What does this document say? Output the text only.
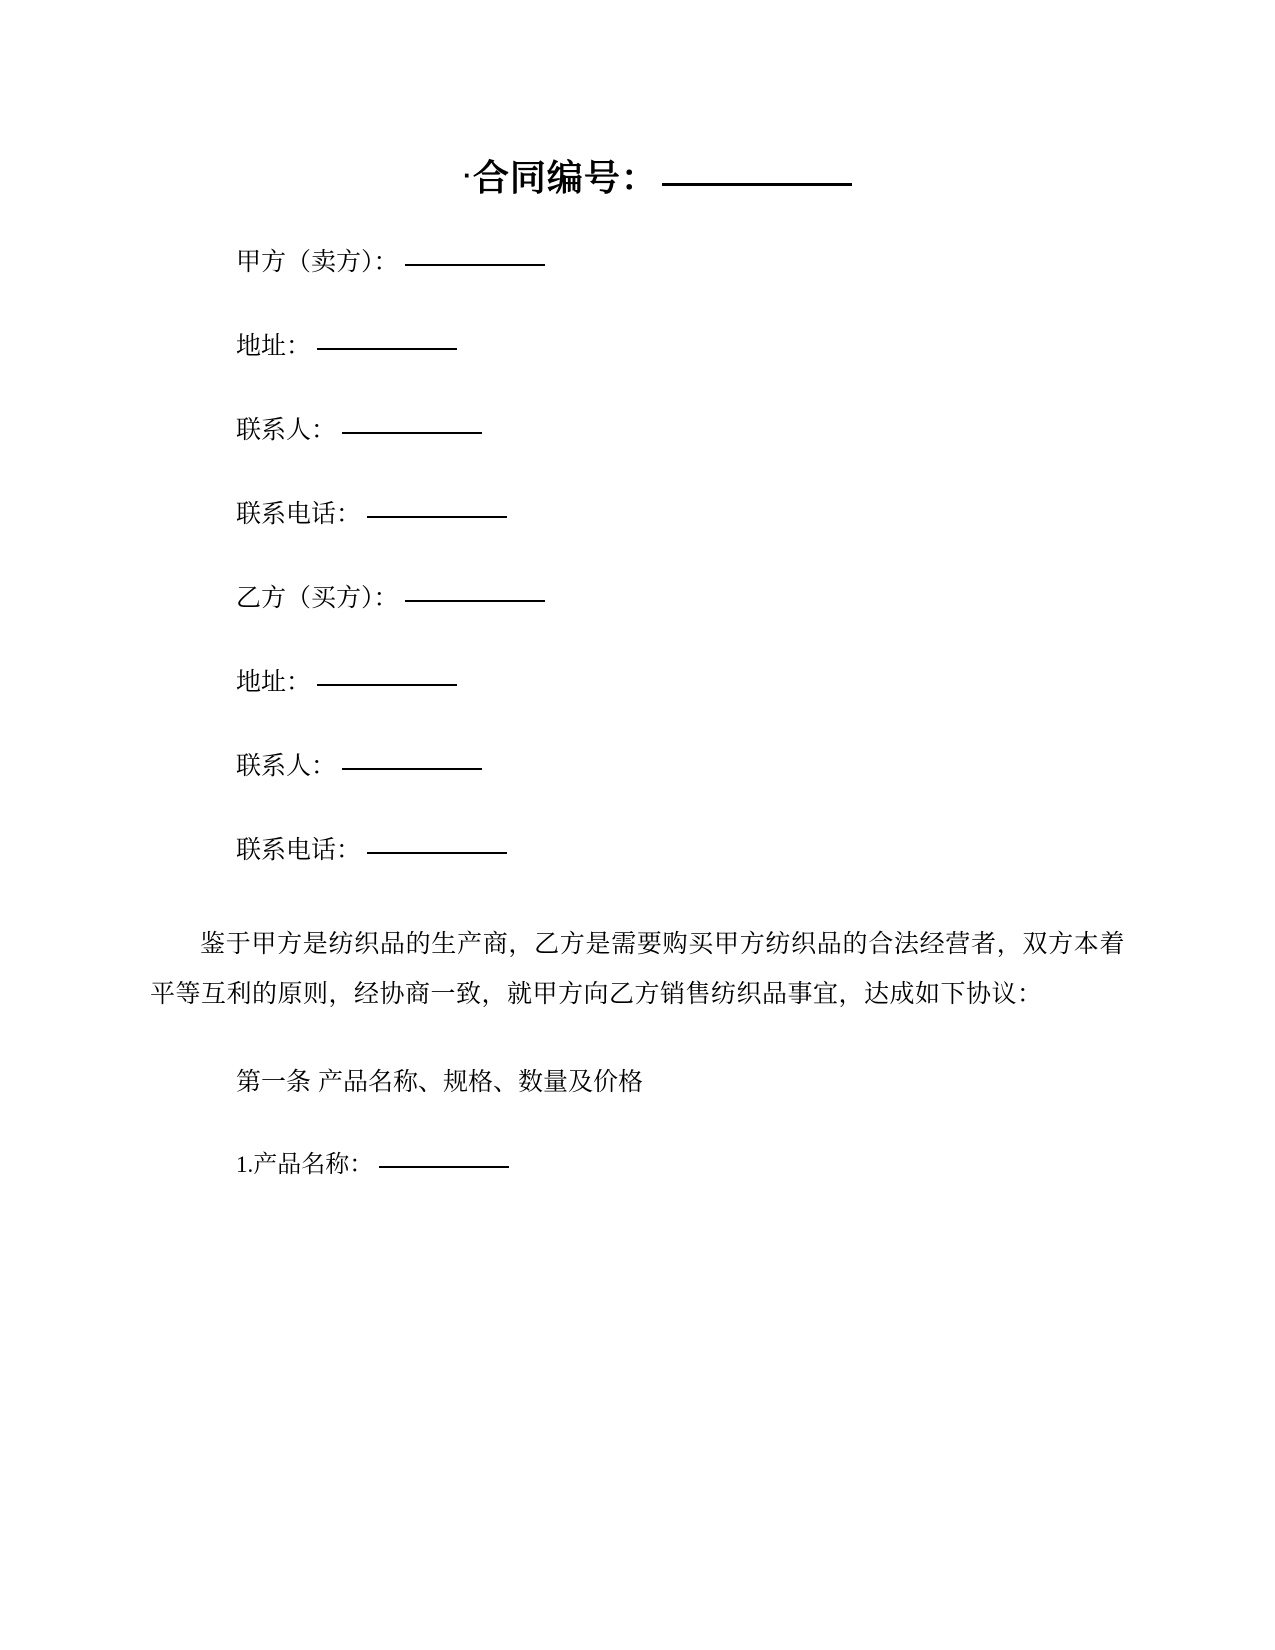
·合同编号：
甲方（卖方）：
地址：
联系人：
联系电话：
乙方（买方）：
地址：
联系人：
联系电话：

鉴于甲方是纺织品的生产商，乙方是需要购买甲方纺织品的合法经营者，双方本着平等互利的原则，经协商一致，就甲方向乙方销售纺织品事宜，达成如下协议：

第一条 产品名称、规格、数量及价格
1.产品名称：
